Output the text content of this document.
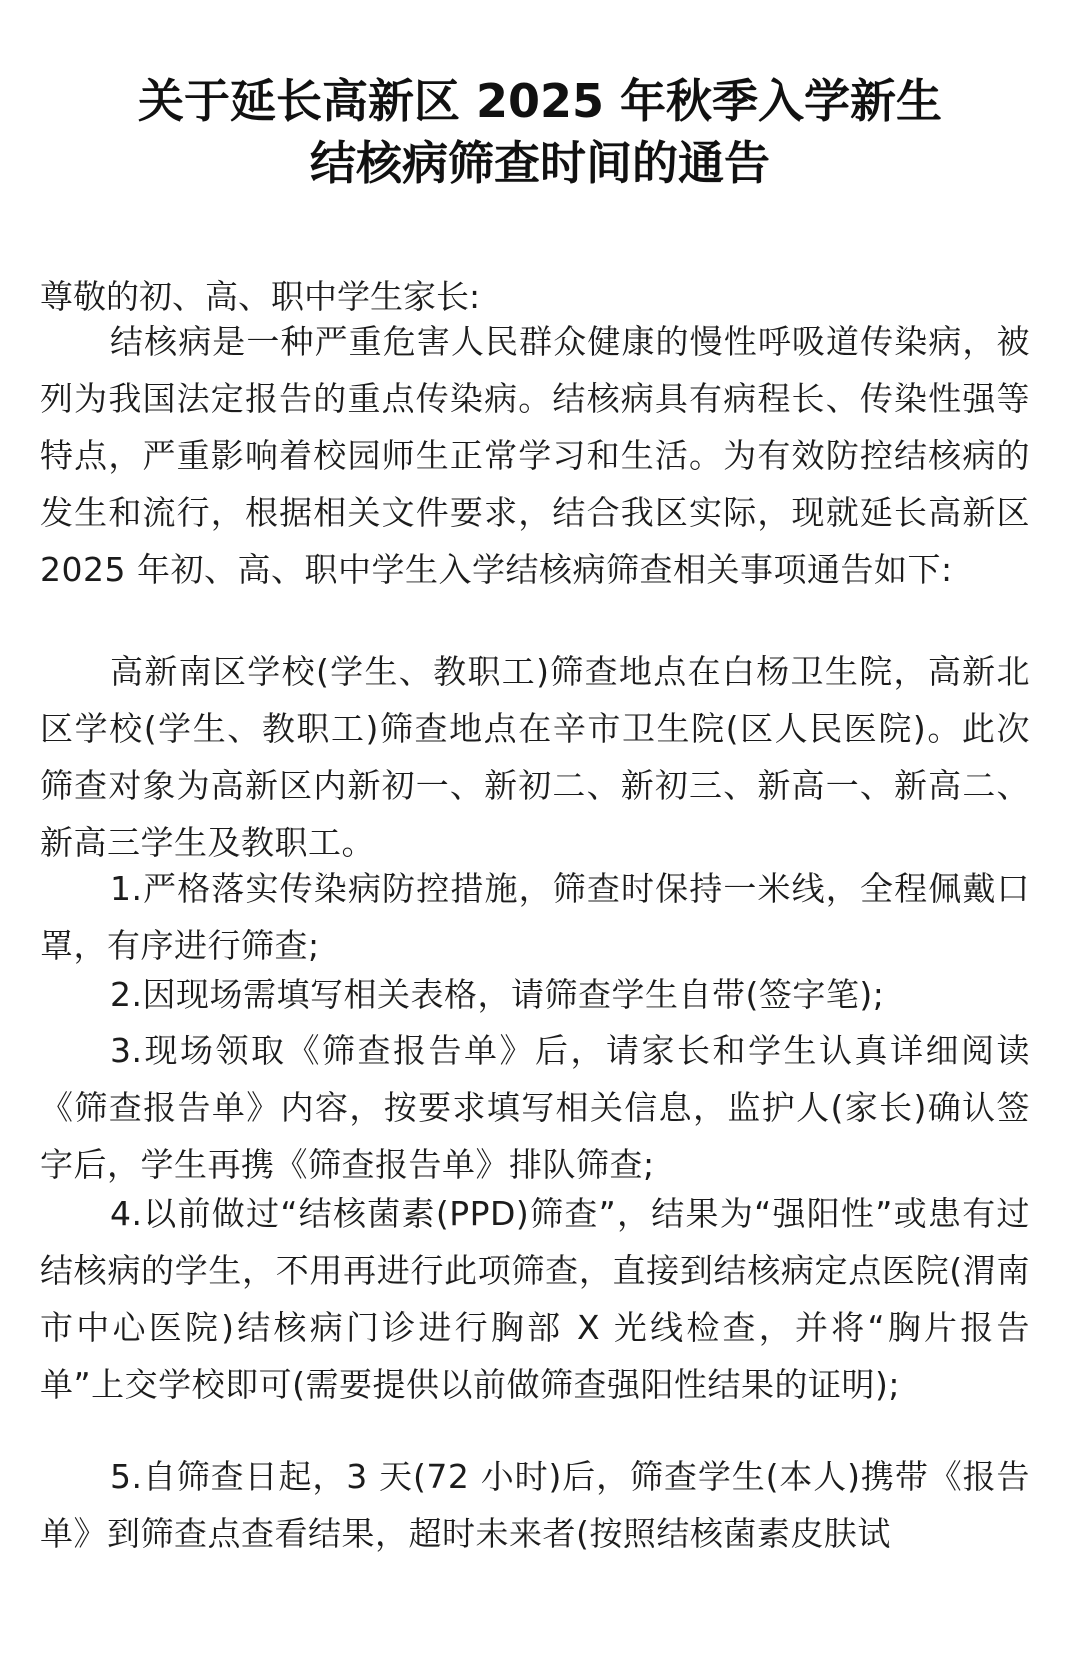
关于延长高新区 2025 年秋季入学新生
结核病筛查时间的通告
尊敬的初、高、职中学生家长:

结核病是一种严重危害人民群众健康的慢性呼吸道传染病，被列为我国法定报告的重点传染病。结核病具有病程长、传染性强等特点，严重影响着校园师生正常学习和生活。为有效防控结核病的发生和流行，根据相关文件要求，结合我区实际，现就延长高新区 2025 年初、高、职中学生入学结核病筛查相关事项通告如下:

高新南区学校(学生、教职工)筛查地点在白杨卫生院，高新北区学校(学生、教职工)筛查地点在辛市卫生院(区人民医院)。此次筛查对象为高新区内新初一、新初二、新初三、新高一、新高二、新高三学生及教职工。

1.严格落实传染病防控措施，筛查时保持一米线，全程佩戴口罩，有序进行筛查;

2.因现场需填写相关表格，请筛查学生自带(签字笔);

3.现场领取《筛查报告单》后，请家长和学生认真详细阅读《筛查报告单》内容，按要求填写相关信息，监护人(家长)确认签字后，学生再携《筛查报告单》排队筛查;

4.以前做过“结核菌素(PPD)筛查”，结果为“强阳性”或患有过结核病的学生，不用再进行此项筛查，直接到结核病定点医院(渭南市中心医院)结核病门诊进行胸部 X 光线检查，并将“胸片报告单”上交学校即可(需要提供以前做筛查强阳性结果的证明);

5.自筛查日起，3 天(72 小时)后，筛查学生(本人)携带《报告单》到筛查点查看结果，超时未来者(按照结核菌素皮肤试
